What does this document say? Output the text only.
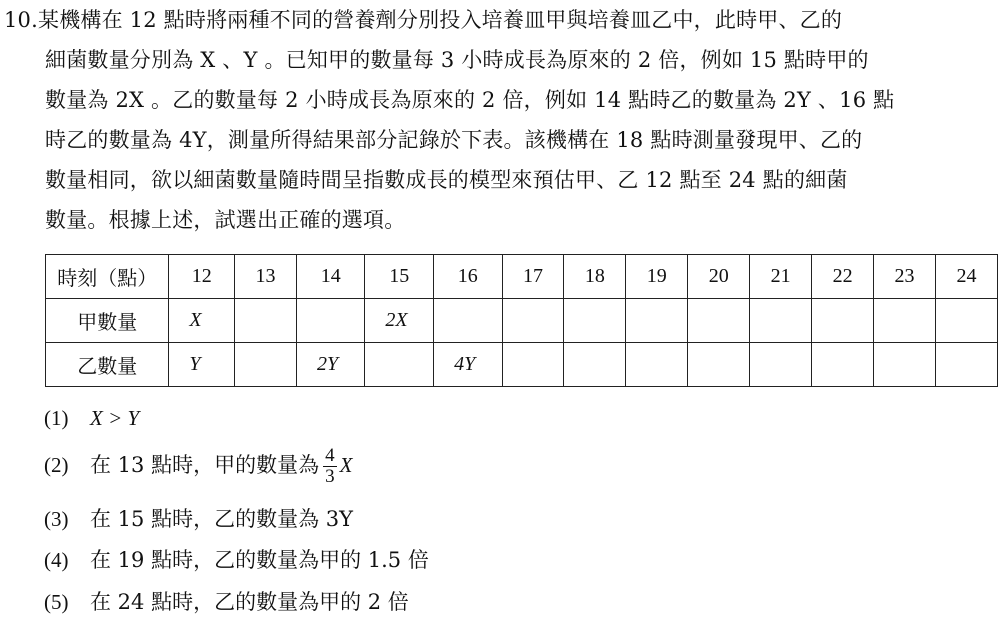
10.某機構在 12 點時將兩種不同的營養劑分別投入培養皿甲與培養皿乙中，此時甲、乙的
細菌數量分別為 X 、Y 。已知甲的數量每 3 小時成長為原來的 2 倍，例如 15 點時甲的
數量為 2X 。乙的數量每 2 小時成長為原來的 2 倍，例如 14 點時乙的數量為 2Y 、16 點
時乙的數量為 4Y，測量所得結果部分記錄於下表。該機構在 18 點時測量發現甲、乙的
數量相同，欲以細菌數量隨時間呈指數成長的模型來預估甲、乙 12 點至 24 點的細菌
數量。根據上述，試選出正確的選項。
時刻（點）	12	13	14	15	16	17	18	19	20	21	22	23	24
甲數量	X			2X									
乙數量	Y		2Y		4Y								
(1) X > Y
(2) 在 13 點時，甲的數量為 $\frac{4}{3}$ X
(3) 在 15 點時，乙的數量為 3Y
(4) 在 19 點時，乙的數量為甲的 1.5 倍
(5) 在 24 點時，乙的數量為甲的 2 倍
